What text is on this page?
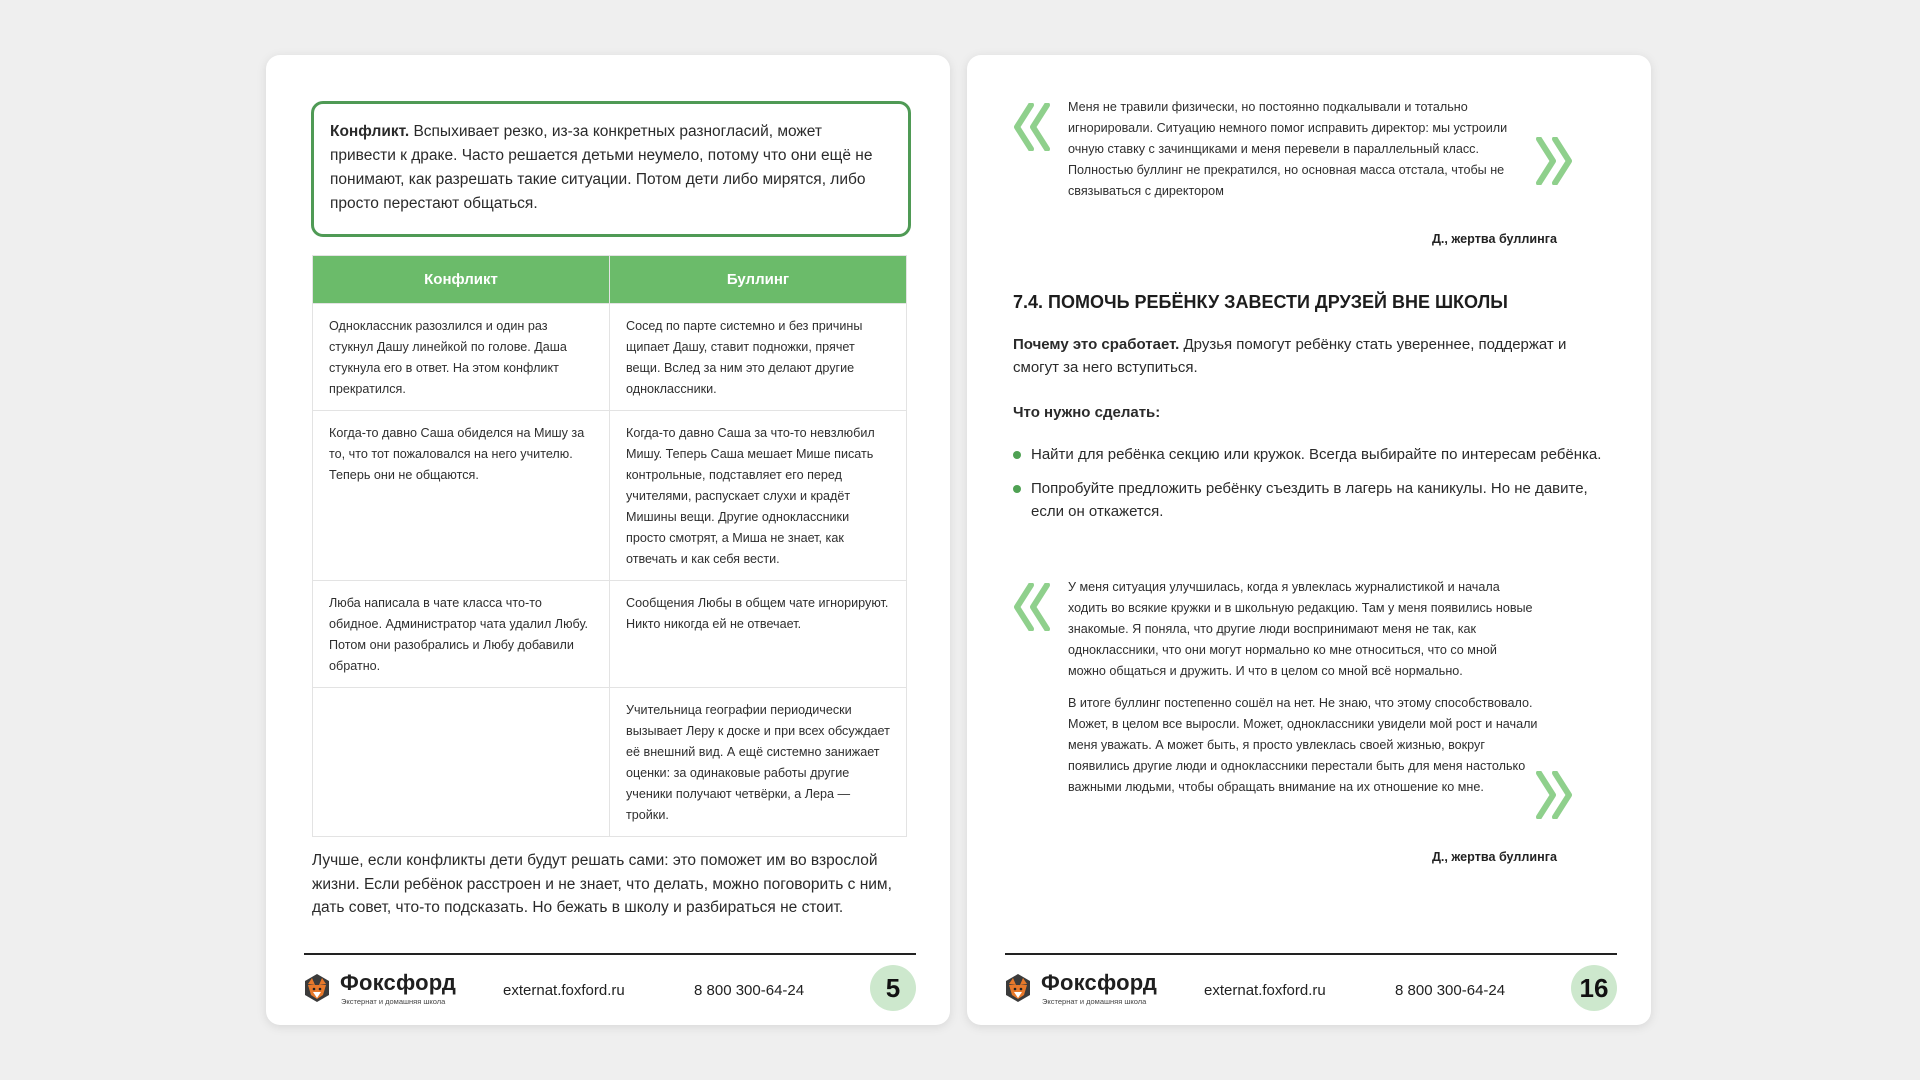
Конфликт. Вспыхивает резко, из-за конкретных разногласий, может привести к драке. Часто решается детьми неумело, потому что они ещё не понимают, как разрешать такие ситуации. Потом дети либо мирятся, либо просто перестают общаться.
Конфликт	Буллинг
Одноклассник разозлился и один раз стукнул Дашу линейкой по голове. Даша стукнула его в ответ. На этом конфликт прекратился.	Сосед по парте системно и без причины щипает Дашу, ставит подножки, прячет вещи. Вслед за ним это делают другие одноклассники.
Когда-то давно Саша обиделся на Мишу за то, что тот пожаловался на него учителю. Теперь они не общаются.	Когда-то давно Саша за что-то невзлюбил Мишу. Теперь Саша мешает Мише писать контрольные, подставляет его перед учителями, распускает слухи и крадёт Мишины вещи. Другие одноклассники просто смотрят, а Миша не знает, как отвечать и как себя вести.
Люба написала в чате класса что-то обидное. Администратор чата удалил Любу. Потом они разобрались и Любу добавили обратно.	Сообщения Любы в общем чате игнорируют. Никто никогда ей не отвечает.
	Учительница географии периодически вызывает Леру к доске и при всех обсуждает её внешний вид. А ещё системно занижает оценки: за одинаковые работы другие ученики получают четвёрки, а Лера — тройки.
Лучше, если конфликты дети будут решать сами: это поможет им во взрослой жизни. Если ребёнок расстроен и не знает, что делать, можно поговорить с ним, дать совет, что-то подсказать. Но бежать в школу и разбираться не стоит.
Фоксфорд
Экстернат и домашняя школа
externat.foxford.ru	8 800 300-64-24	5
Меня не травили физически, но постоянно подкалывали и тотально игнорировали. Ситуацию немного помог исправить директор: мы устроили очную ставку с зачинщиками и меня перевели в параллельный класс. Полностью буллинг не прекратился, но основная масса отстала, чтобы не связываться с директором
Д., жертва буллинга
7.4. ПОМОЧЬ РЕБЁНКУ ЗАВЕСТИ ДРУЗЕЙ ВНЕ ШКОЛЫ
Почему это сработает. Друзья помогут ребёнку стать увереннее, поддержат и смогут за него вступиться.
Что нужно сделать:
Найти для ребёнка секцию или кружок. Всегда выбирайте по интересам ребёнка.
Попробуйте предложить ребёнку съездить в лагерь на каникулы. Но не давите, если он откажется.

У меня ситуация улучшилась, когда я увлеклась журналистикой и начала ходить во всякие кружки и в школьную редакцию. Там у меня появились новые знакомые. Я поняла, что другие люди воспринимают меня не так, как одноклассники, что они могут нормально ко мне относиться, что со мной можно общаться и дружить. И что в целом со мной всё нормально.

В итоге буллинг постепенно сошёл на нет. Не знаю, что этому способствовало. Может, в целом все выросли. Может, одноклассники увидели мой рост и начали меня уважать. А может быть, я просто увлеклась своей жизнью, вокруг появились другие люди и одноклассники перестали быть для меня настолько важными людьми, чтобы обращать внимание на их отношение ко мне.

Д., жертва буллинга
Фоксфорд
Экстернат и домашняя школа
externat.foxford.ru	8 800 300-64-24	16
